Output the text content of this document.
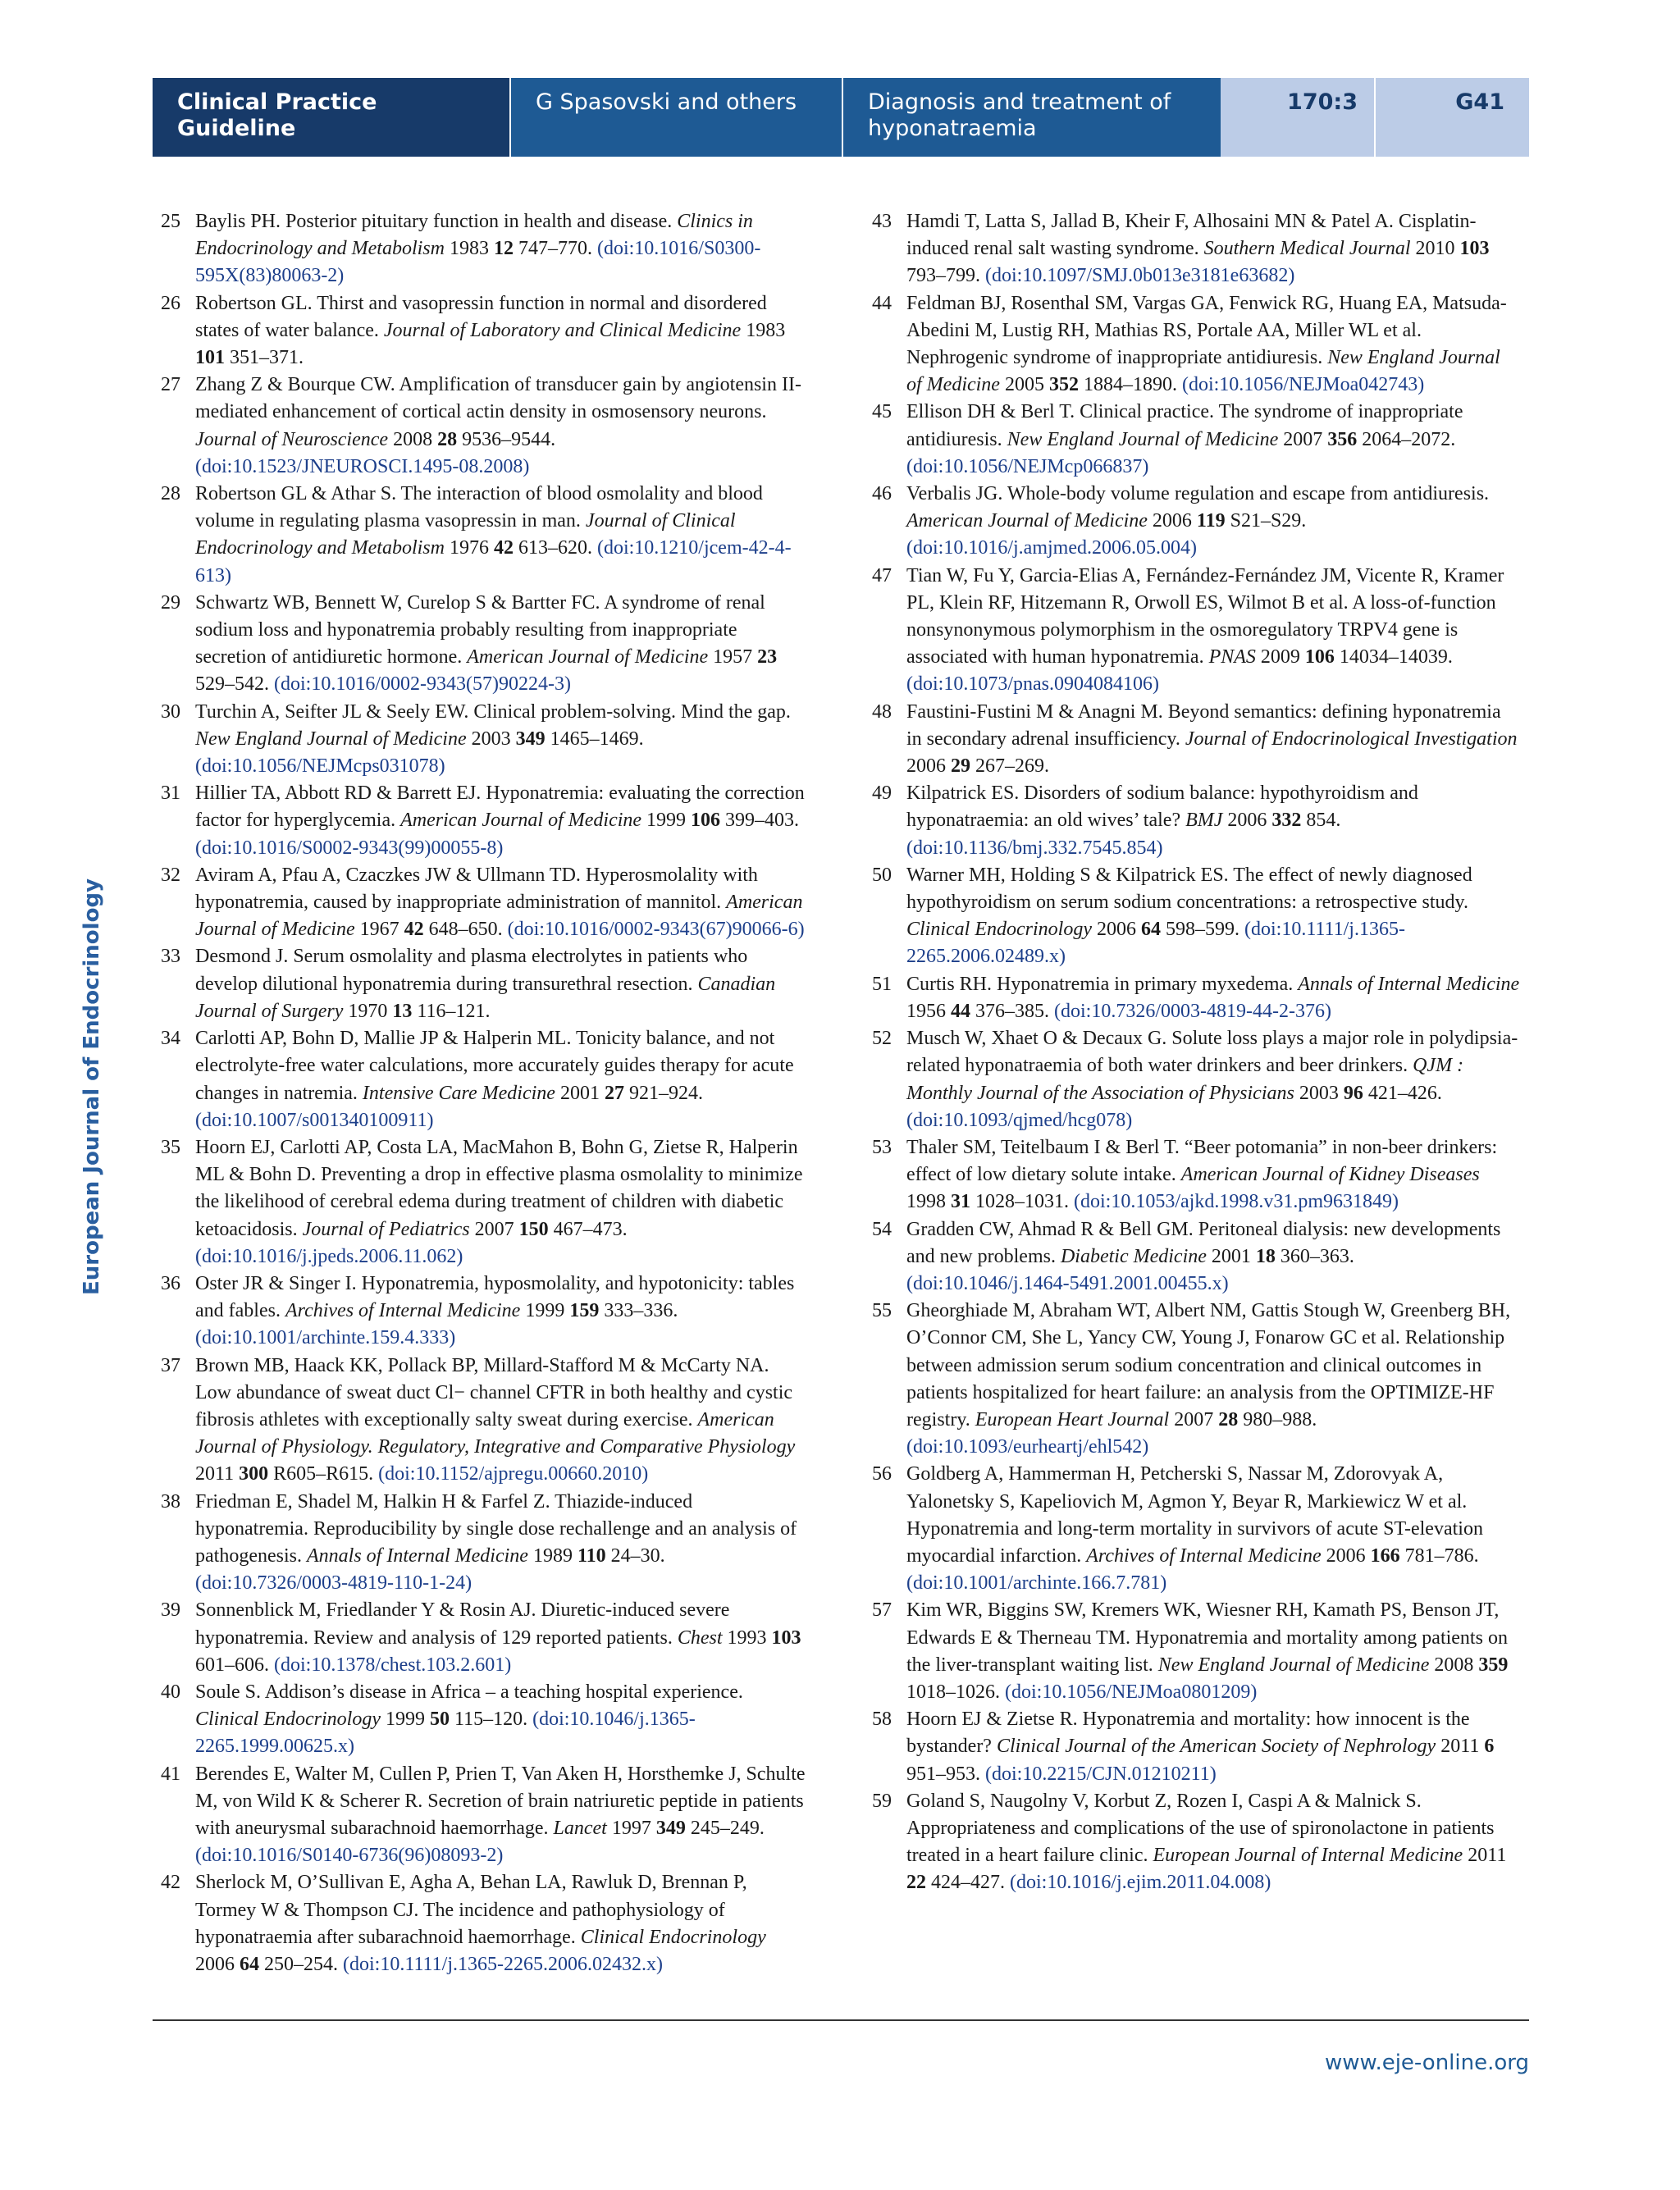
Clinical Practice Guideline
G Spasovski and others	Diagnosis and treatment of hyponatraemia
170:3	G41
European Journal of Endocrinology
25 Baylis PH. Posterior pituitary function in health and disease. Clinics in Endocrinology and Metabolism 1983 12 747–770. (doi:10.1016/S0300-595X(83)80063-2)
26 Robertson GL. Thirst and vasopressin function in normal and disordered states of water balance. Journal of Laboratory and Clinical Medicine 1983 101 351–371.
27 Zhang Z & Bourque CW. Amplification of transducer gain by angiotensin II-mediated enhancement of cortical actin density in osmosensory neurons. Journal of Neuroscience 2008 28 9536–9544. (doi:10.1523/JNEUROSCI.1495-08.2008)
28 Robertson GL & Athar S. The interaction of blood osmolality and blood volume in regulating plasma vasopressin in man. Journal of Clinical Endocrinology and Metabolism 1976 42 613–620. (doi:10.1210/jcem-42-4-613)
29 Schwartz WB, Bennett W, Curelop S & Bartter FC. A syndrome of renal sodium loss and hyponatremia probably resulting from inappropriate secretion of antidiuretic hormone. American Journal of Medicine 1957 23 529–542. (doi:10.1016/0002-9343(57)90224-3)
30 Turchin A, Seifter JL & Seely EW. Clinical problem-solving. Mind the gap. New England Journal of Medicine 2003 349 1465–1469. (doi:10.1056/NEJMcps031078)
31 Hillier TA, Abbott RD & Barrett EJ. Hyponatremia: evaluating the correction factor for hyperglycemia. American Journal of Medicine 1999 106 399–403. (doi:10.1016/S0002-9343(99)00055-8)
32 Aviram A, Pfau A, Czaczkes JW & Ullmann TD. Hyperosmolality with hyponatremia, caused by inappropriate administration of mannitol. American Journal of Medicine 1967 42 648–650. (doi:10.1016/0002-9343(67)90066-6)
33 Desmond J. Serum osmolality and plasma electrolytes in patients who develop dilutional hyponatremia during transurethral resection. Canadian Journal of Surgery 1970 13 116–121.
34 Carlotti AP, Bohn D, Mallie JP & Halperin ML. Tonicity balance, and not electrolyte-free water calculations, more accurately guides therapy for acute changes in natremia. Intensive Care Medicine 2001 27 921–924. (doi:10.1007/s001340100911)
35 Hoorn EJ, Carlotti AP, Costa LA, MacMahon B, Bohn G, Zietse R, Halperin ML & Bohn D. Preventing a drop in effective plasma osmolality to minimize the likelihood of cerebral edema during treatment of children with diabetic ketoacidosis. Journal of Pediatrics 2007 150 467–473. (doi:10.1016/j.jpeds.2006.11.062)
36 Oster JR & Singer I. Hyponatremia, hyposmolality, and hypotonicity: tables and fables. Archives of Internal Medicine 1999 159 333–336. (doi:10.1001/archinte.159.4.333)
37 Brown MB, Haack KK, Pollack BP, Millard-Stafford M & McCarty NA. Low abundance of sweat duct Cl− channel CFTR in both healthy and cystic fibrosis athletes with exceptionally salty sweat during exercise. American Journal of Physiology. Regulatory, Integrative and Comparative Physiology 2011 300 R605–R615. (doi:10.1152/ajpregu.00660.2010)
38 Friedman E, Shadel M, Halkin H & Farfel Z. Thiazide-induced hyponatremia. Reproducibility by single dose rechallenge and an analysis of pathogenesis. Annals of Internal Medicine 1989 110 24–30. (doi:10.7326/0003-4819-110-1-24)
39 Sonnenblick M, Friedlander Y & Rosin AJ. Diuretic-induced severe hyponatremia. Review and analysis of 129 reported patients. Chest 1993 103 601–606. (doi:10.1378/chest.103.2.601)
40 Soule S. Addison’s disease in Africa – a teaching hospital experience. Clinical Endocrinology 1999 50 115–120. (doi:10.1046/j.1365-2265.1999.00625.x)
41 Berendes E, Walter M, Cullen P, Prien T, Van Aken H, Horsthemke J, Schulte M, von Wild K & Scherer R. Secretion of brain natriuretic peptide in patients with aneurysmal subarachnoid haemorrhage. Lancet 1997 349 245–249. (doi:10.1016/S0140-6736(96)08093-2)
42 Sherlock M, O’Sullivan E, Agha A, Behan LA, Rawluk D, Brennan P, Tormey W & Thompson CJ. The incidence and pathophysiology of hyponatraemia after subarachnoid haemorrhage. Clinical Endocrinology 2006 64 250–254. (doi:10.1111/j.1365-2265.2006.02432.x)
43 Hamdi T, Latta S, Jallad B, Kheir F, Alhosaini MN & Patel A. Cisplatin-induced renal salt wasting syndrome. Southern Medical Journal 2010 103 793–799. (doi:10.1097/SMJ.0b013e3181e63682)
44 Feldman BJ, Rosenthal SM, Vargas GA, Fenwick RG, Huang EA, Matsuda-Abedini M, Lustig RH, Mathias RS, Portale AA, Miller WL et al. Nephrogenic syndrome of inappropriate antidiuresis. New England Journal of Medicine 2005 352 1884–1890. (doi:10.1056/NEJMoa042743)
45 Ellison DH & Berl T. Clinical practice. The syndrome of inappropriate antidiuresis. New England Journal of Medicine 2007 356 2064–2072. (doi:10.1056/NEJMcp066837)
46 Verbalis JG. Whole-body volume regulation and escape from antidiuresis. American Journal of Medicine 2006 119 S21–S29. (doi:10.1016/j.amjmed.2006.05.004)
47 Tian W, Fu Y, Garcia-Elias A, Fernández-Fernández JM, Vicente R, Kramer PL, Klein RF, Hitzemann R, Orwoll ES, Wilmot B et al. A loss-of-function nonsynonymous polymorphism in the osmoregulatory TRPV4 gene is associated with human hyponatremia. PNAS 2009 106 14034–14039. (doi:10.1073/pnas.0904084106)
48 Faustini-Fustini M & Anagni M. Beyond semantics: defining hyponatremia in secondary adrenal insufficiency. Journal of Endocrinological Investigation 2006 29 267–269.
49 Kilpatrick ES. Disorders of sodium balance: hypothyroidism and hyponatraemia: an old wives’ tale? BMJ 2006 332 854. (doi:10.1136/bmj.332.7545.854)
50 Warner MH, Holding S & Kilpatrick ES. The effect of newly diagnosed hypothyroidism on serum sodium concentrations: a retrospective study. Clinical Endocrinology 2006 64 598–599. (doi:10.1111/j.1365-2265.2006.02489.x)
51 Curtis RH. Hyponatremia in primary myxedema. Annals of Internal Medicine 1956 44 376–385. (doi:10.7326/0003-4819-44-2-376)
52 Musch W, Xhaet O & Decaux G. Solute loss plays a major role in polydipsia-related hyponatraemia of both water drinkers and beer drinkers. QJM : Monthly Journal of the Association of Physicians 2003 96 421–426. (doi:10.1093/qjmed/hcg078)
53 Thaler SM, Teitelbaum I & Berl T. “Beer potomania” in non-beer drinkers: effect of low dietary solute intake. American Journal of Kidney Diseases 1998 31 1028–1031. (doi:10.1053/ajkd.1998.v31.pm9631849)
54 Gradden CW, Ahmad R & Bell GM. Peritoneal dialysis: new developments and new problems. Diabetic Medicine 2001 18 360–363. (doi:10.1046/j.1464-5491.2001.00455.x)
55 Gheorghiade M, Abraham WT, Albert NM, Gattis Stough W, Greenberg BH, O’Connor CM, She L, Yancy CW, Young J, Fonarow GC et al. Relationship between admission serum sodium concentration and clinical outcomes in patients hospitalized for heart failure: an analysis from the OPTIMIZE-HF registry. European Heart Journal 2007 28 980–988. (doi:10.1093/eurheartj/ehl542)
56 Goldberg A, Hammerman H, Petcherski S, Nassar M, Zdorovyak A, Yalonetsky S, Kapeliovich M, Agmon Y, Beyar R, Markiewicz W et al. Hyponatremia and long-term mortality in survivors of acute ST-elevation myocardial infarction. Archives of Internal Medicine 2006 166 781–786. (doi:10.1001/archinte.166.7.781)
57 Kim WR, Biggins SW, Kremers WK, Wiesner RH, Kamath PS, Benson JT, Edwards E & Therneau TM. Hyponatremia and mortality among patients on the liver-transplant waiting list. New England Journal of Medicine 2008 359 1018–1026. (doi:10.1056/NEJMoa0801209)
58 Hoorn EJ & Zietse R. Hyponatremia and mortality: how innocent is the bystander? Clinical Journal of the American Society of Nephrology 2011 6 951–953. (doi:10.2215/CJN.01210211)
59 Goland S, Naugolny V, Korbut Z, Rozen I, Caspi A & Malnick S. Appropriateness and complications of the use of spironolactone in patients treated in a heart failure clinic. European Journal of Internal Medicine 2011 22 424–427. (doi:10.1016/j.ejim.2011.04.008)
www.eje-online.org
